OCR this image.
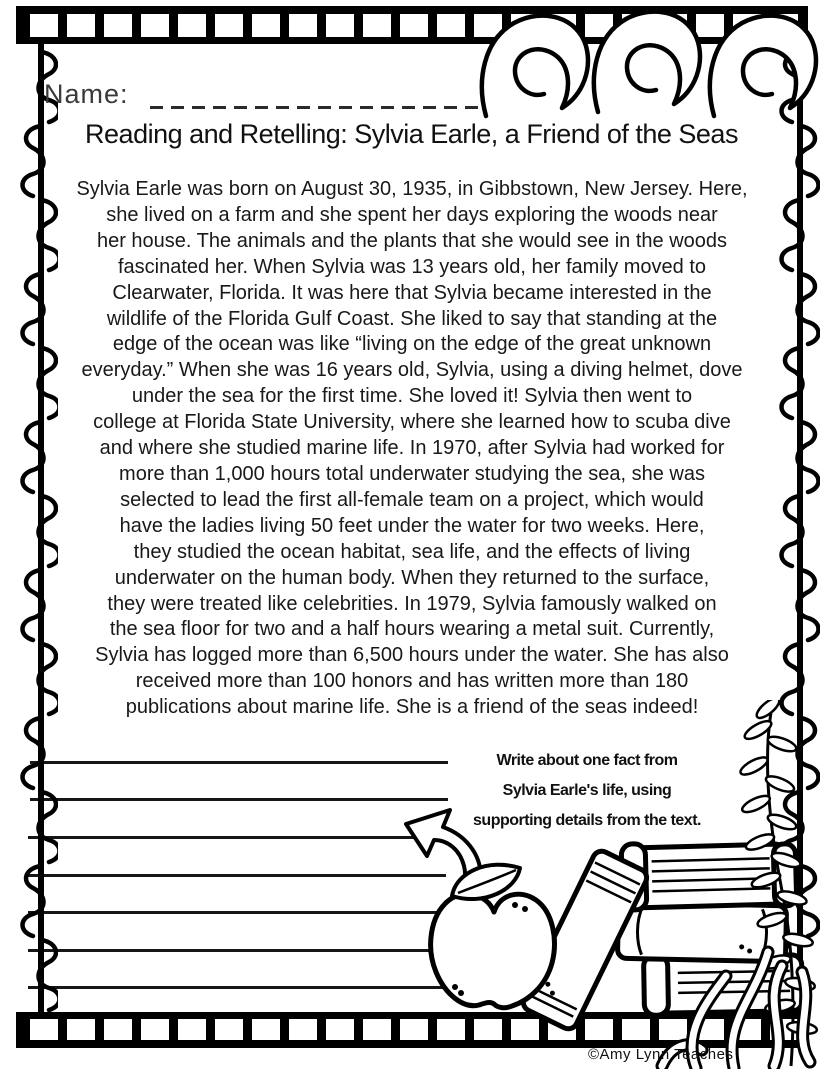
Name:
Reading and Retelling: Sylvia Earle, a Friend of the Seas
Sylvia Earle was born on August 30, 1935, in Gibbstown, New Jersey. Here,
she lived on a farm and she spent her days exploring the woods near
her house. The animals and the plants that she would see in the woods
fascinated her. When Sylvia was 13 years old, her family moved to
Clearwater, Florida. It was here that Sylvia became interested in the
wildlife of the Florida Gulf Coast. She liked to say that standing at the
edge of the ocean was like “living on the edge of the great unknown
everyday.” When she was 16 years old, Sylvia, using a diving helmet, dove
under the sea for the first time. She loved it! Sylvia then went to
college at Florida State University, where she learned how to scuba dive
and where she studied marine life. In 1970, after Sylvia had worked for
more than 1,000 hours total underwater studying the sea, she was
selected to lead the first all-female team on a project, which would
have the ladies living 50 feet under the water for two weeks. Here,
they studied the ocean habitat, sea life, and the effects of living
underwater on the human body. When they returned to the surface,
they were treated like celebrities. In 1979, Sylvia famously walked on
the sea floor for two and a half hours wearing a metal suit. Currently,
Sylvia has logged more than 6,500 hours under the water. She has also
received more than 100 honors and has written more than 180
publications about marine life. She is a friend of the seas indeed!
Write about one fact from
Sylvia Earle's life, using
supporting details from the text.
©Amy Lynn Teaches
